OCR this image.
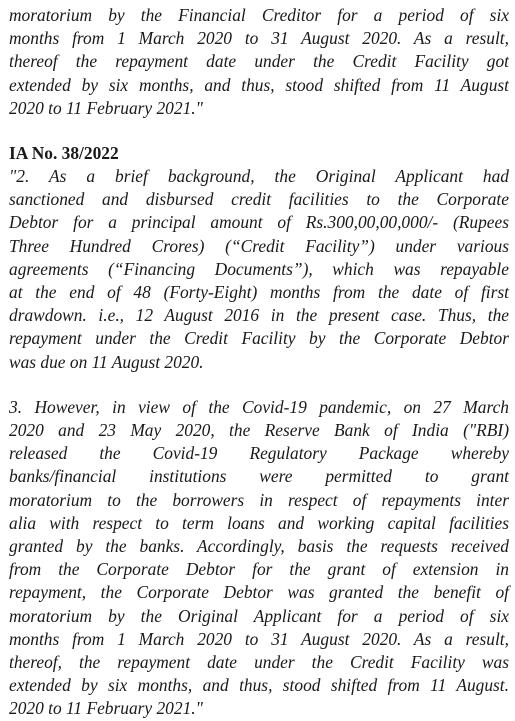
moratorium by the Financial Creditor for a period of six
months from 1 March 2020 to 31 August 2020. As a result,
thereof the repayment date under the Credit Facility got
extended by six months, and thus, stood shifted from 11 August
2020 to 11 February 2021."

IA No. 38/2022

"2. As a brief background, the Original Applicant had
sanctioned and disbursed credit facilities to the Corporate
Debtor for a principal amount of Rs.300,00,00,000/- (Rupees
Three Hundred Crores) (“Credit Facility”) under various
agreements (“Financing Documents”), which was repayable
at the end of 48 (Forty-Eight) months from the date of first
drawdown. i.e., 12 August 2016 in the present case. Thus, the
repayment under the Credit Facility by the Corporate Debtor
was due on 11 August 2020.

3. However, in view of the Covid-19 pandemic, on 27 March
2020 and 23 May 2020, the Reserve Bank of India ("RBI)
released the Covid-19 Regulatory Package whereby
banks/financial institutions were permitted to grant
moratorium to the borrowers in respect of repayments inter
alia with respect to term loans and working capital facilities
granted by the banks. Accordingly, basis the requests received
from the Corporate Debtor for the grant of extension in
repayment, the Corporate Debtor was granted the benefit of
moratorium by the Original Applicant for a period of six
months from 1 March 2020 to 31 August 2020. As a result,
thereof, the repayment date under the Credit Facility was
extended by six months, and thus, stood shifted from 11 August.
2020 to 11 February 2021."
